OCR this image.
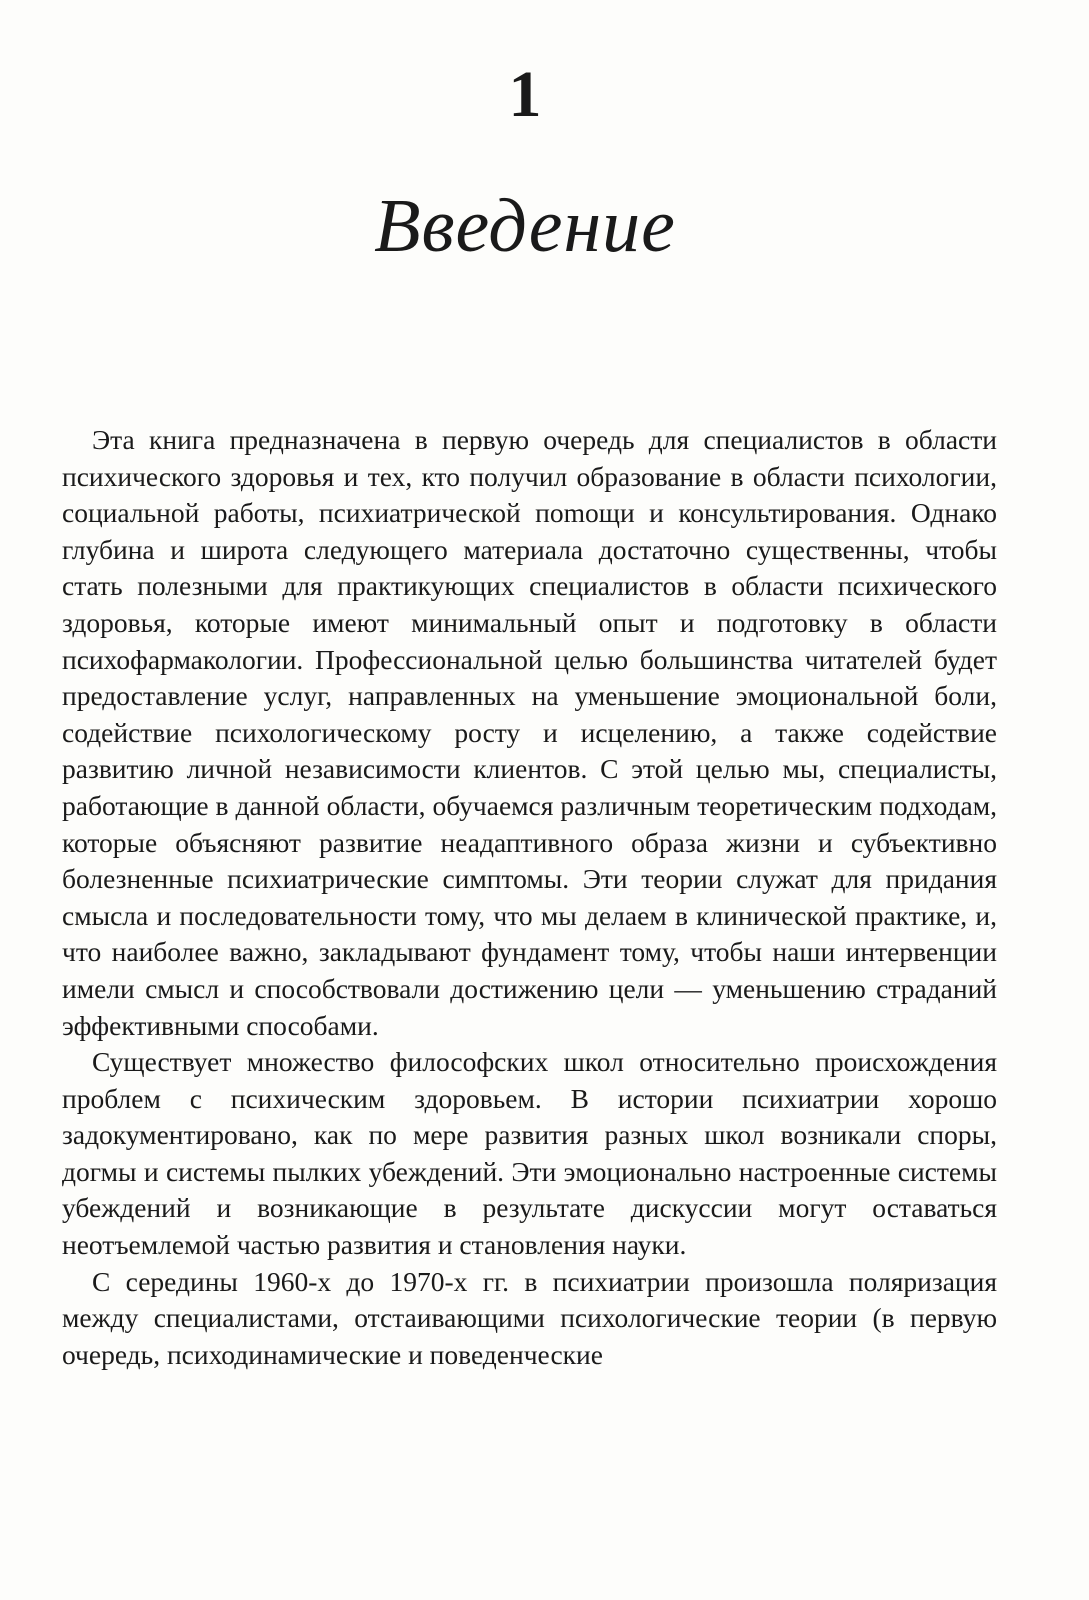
1
Введение

Эта книга предназначена в первую очередь для специалистов в области психического здоровья и тех, кто получил образование в области психологии, социальной работы, психиатрической поmощи и консультирования. Однако глубина и широта следующего материала достаточно существенны, чтобы стать полезными для практикующих специалистов в области психического здоровья, которые имеют минимальный опыт и подготовку в области психофармакологии. Профессиональной целью большинства читателей будет предоставление услуг, направленных на уменьшение эмоциональной боли, содействие психологическому росту и исцелению, а также содействие развитию личной независимости клиентов. С этой целью мы, специалисты, работающие в данной области, обучаемся различным теоретическим подходам, которые объясняют развитие неадаптивного образа жизни и субъективно болезненные психиатрические симптомы. Эти теории служат для придания смысла и последовательности тому, что мы делаем в клинической практике, и, что наиболее важно, закладывают фундамент тому, чтобы наши интервенции имели смысл и способствовали достижению цели — уменьшению страданий эффективными способами.

Существует множество философских школ относительно происхождения проблем с психическим здоровьем. В истории психиатрии хорошо задокументировано, как по мере развития разных школ возникали споры, догмы и системы пылких убеждений. Эти эмоционально настроенные системы убеждений и возникающие в результате дискуссии могут оставаться неотъемлемой частью развития и становления науки.

С середины 1960-х до 1970-х гг. в психиатрии произошла поляризация между специалистами, отстаивающими психологические теории (в первую очередь, психодинамические и поведенческие
